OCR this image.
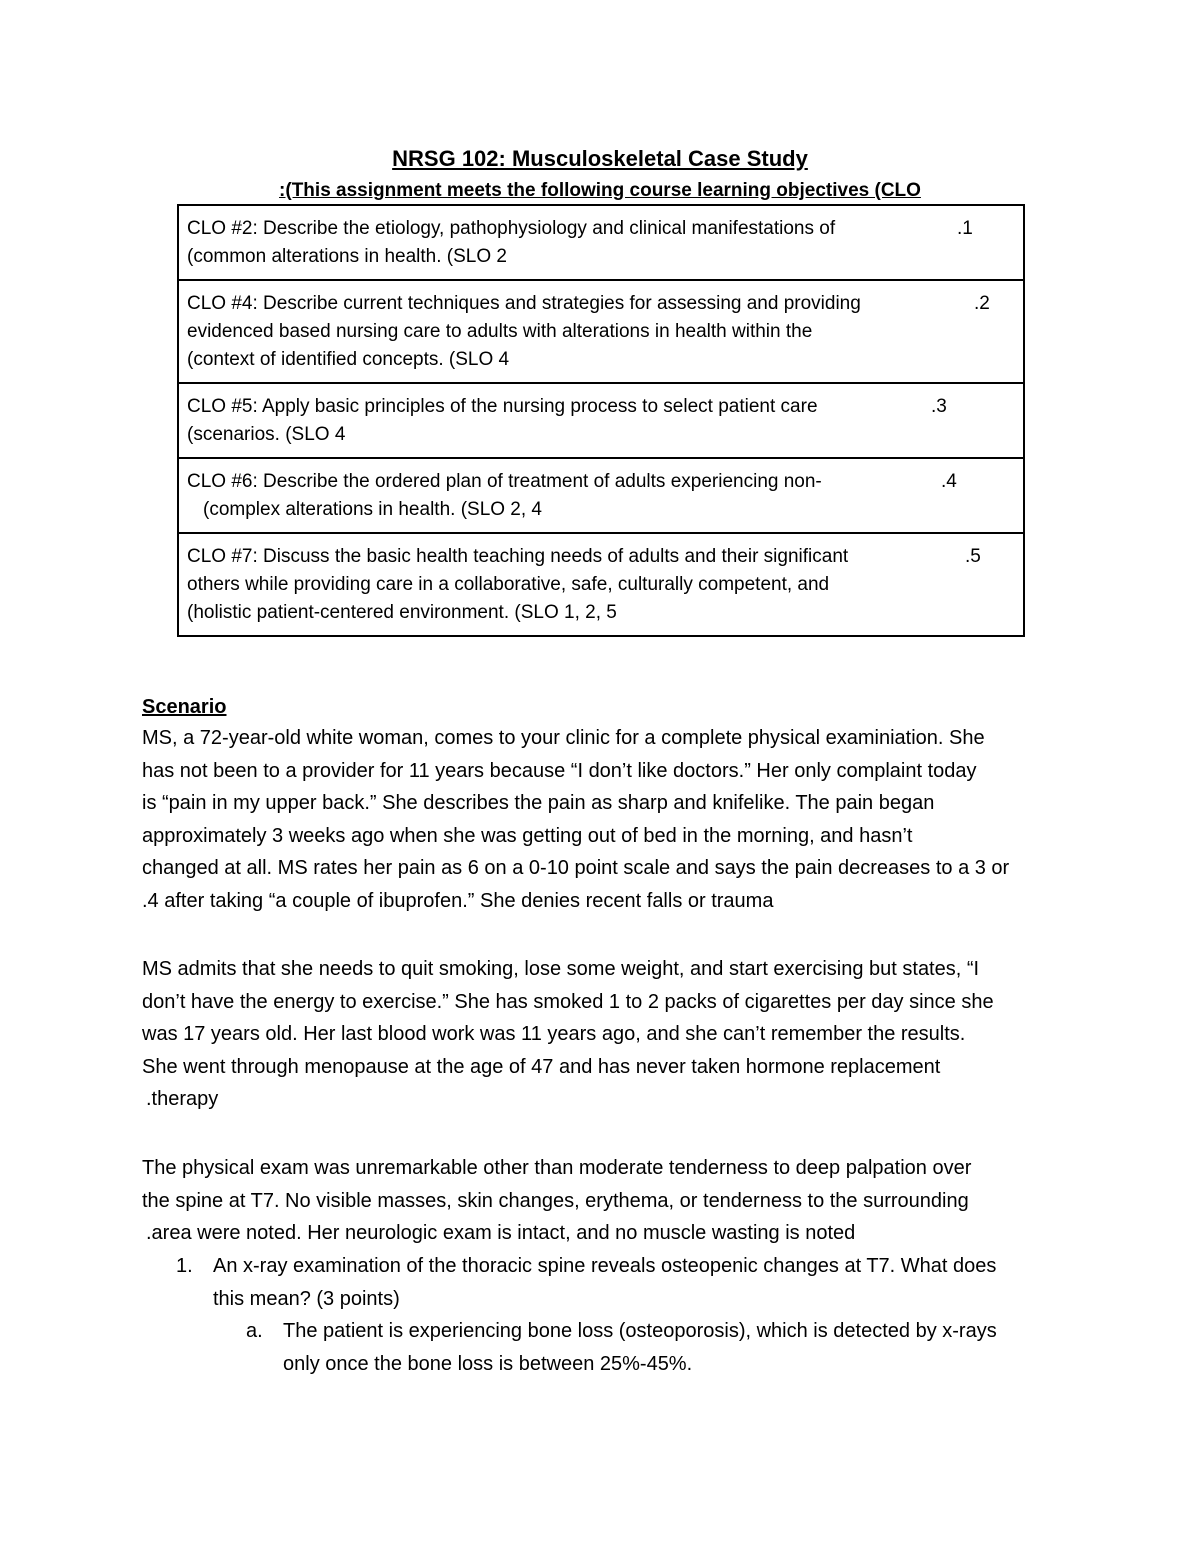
NRSG 102: Musculoskeletal Case Study
:(This assignment meets the following course learning objectives (CLO
CLO #2: Describe the etiology, pathophysiology and clinical manifestations of
(common alterations in health. (SLO 2
.1

CLO #4: Describe current techniques and strategies for assessing and providing
evidenced based nursing care to adults with alterations in health within the
(context of identified concepts. (SLO 4
.2

CLO #5: Apply basic principles of the nursing process to select patient care
(scenarios. (SLO 4
.3

CLO #6: Describe the ordered plan of treatment of adults experiencing non-
(complex alterations in health. (SLO 2, 4
.4

CLO #7: Discuss the basic health teaching needs of adults and their significant
others while providing care in a collaborative, safe, culturally competent, and
(holistic patient-centered environment. (SLO 1, 2, 5
.5
Scenario
MS, a 72-year-old white woman, comes to your clinic for a complete physical examiniation. She
has not been to a provider for 11 years because “I don’t like doctors.” Her only complaint today
is “pain in my upper back.” She describes the pain as sharp and knifelike. The pain began
approximately 3 weeks ago when she was getting out of bed in the morning, and hasn’t
changed at all. MS rates her pain as 6 on a 0-10 point scale and says the pain decreases to a 3 or
.4 after taking “a couple of ibuprofen.” She denies recent falls or trauma
MS admits that she needs to quit smoking, lose some weight, and start exercising but states, “I
don’t have the energy to exercise.” She has smoked 1 to 2 packs of cigarettes per day since she
was 17 years old. Her last blood work was 11 years ago, and she can’t remember the results.
She went through menopause at the age of 47 and has never taken hormone replacement
.therapy
The physical exam was unremarkable other than moderate tenderness to deep palpation over
the spine at T7. No visible masses, skin changes, erythema, or tenderness to the surrounding
.area were noted. Her neurologic exam is intact, and no muscle wasting is noted
1. An x-ray examination of the thoracic spine reveals osteopenic changes at T7. What does
this mean? (3 points)
a. The patient is experiencing bone loss (osteoporosis), which is detected by x-rays
only once the bone loss is between 25%-45%.
